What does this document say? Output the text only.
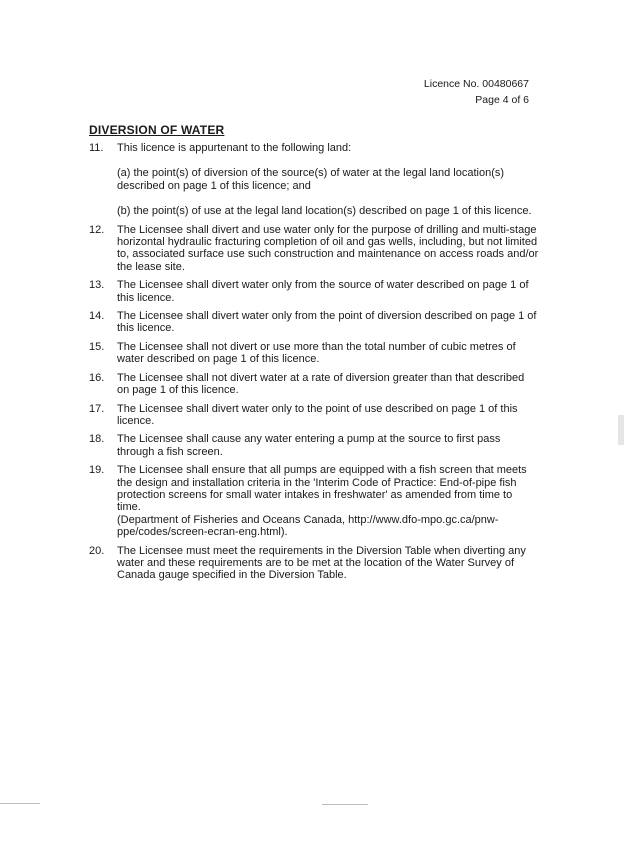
Licence No. 00480667
Page 4 of 6
DIVERSION OF WATER
11.	This licence is appurtenant to the following land:
(a) the point(s) of diversion of the source(s) of water at the legal land location(s) described on page 1 of this licence; and
(b) the point(s) of use at the legal land location(s) described on page 1 of this licence.
12.	The Licensee shall divert and use water only for the purpose of drilling and multi-stage horizontal hydraulic fracturing completion of oil and gas wells, including, but not limited to, associated surface use such construction and maintenance on access roads and/or the lease site.
13.	The Licensee shall divert water only from the source of water described on page 1 of this licence.
14.	The Licensee shall divert water only from the point of diversion described on page 1 of this licence.
15.	The Licensee shall not divert or use more than the total number of cubic metres of water described on page 1 of this licence.
16.	The Licensee shall not divert water at a rate of diversion greater than that described on page 1 of this licence.
17.	The Licensee shall divert water only to the point of use described on page 1 of this licence.
18.	The Licensee shall cause any water entering a pump at the source to first pass through a fish screen.
19.	The Licensee shall ensure that all pumps are equipped with a fish screen that meets the design and installation criteria in the 'Interim Code of Practice: End-of-pipe fish protection screens for small water intakes in freshwater' as amended from time to time.
(Department of Fisheries and Oceans Canada, http://www.dfo-mpo.gc.ca/pnw-ppe/codes/screen-ecran-eng.html).
20.	The Licensee must meet the requirements in the Diversion Table when diverting any water and these requirements are to be met at the location of the Water Survey of Canada gauge specified in the Diversion Table.
